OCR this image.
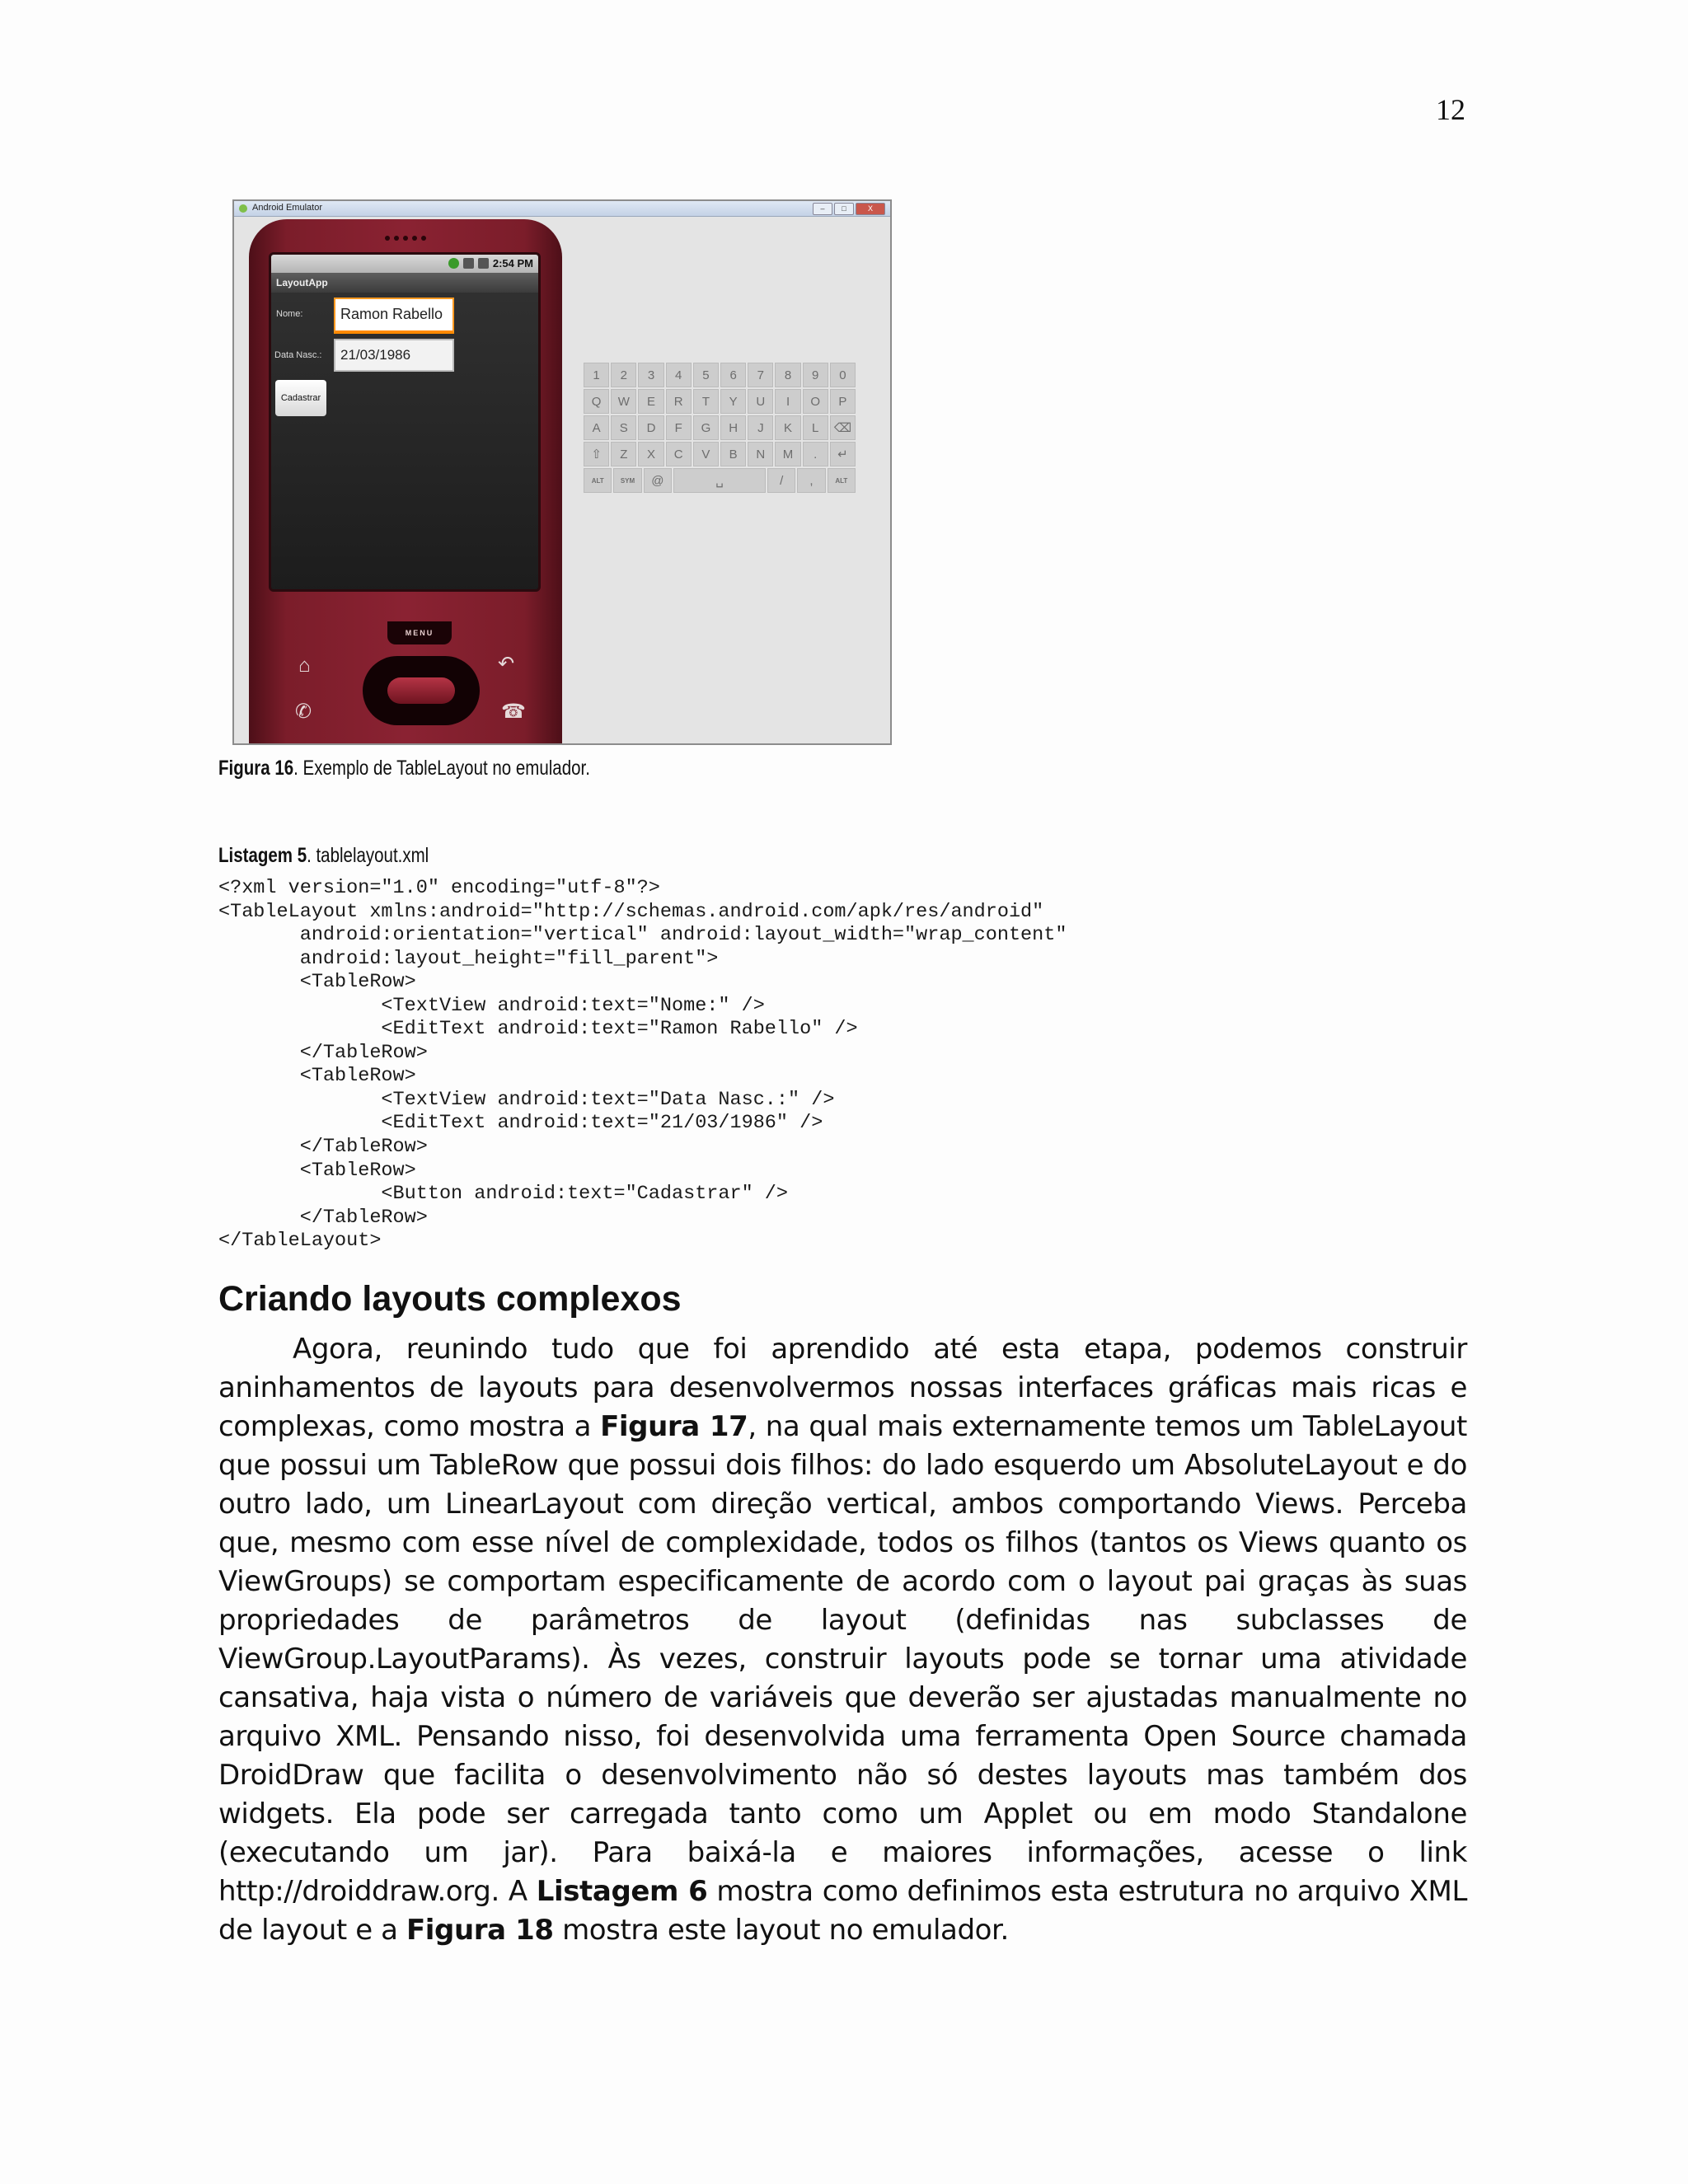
12
Android Emulator	–	□	X
2:54 PM
LayoutApp
Nome:	Ramon Rabello
Data Nasc.:	21/03/1986
Cadastrar
MENU
⌂	↶
✆	☎
1	2	3	4	5	6	7	8	9	0
Q	W	E	R	T	Y	U	I	O	P
A	S	D	F	G	H	J	K	L	⌫
⇧	Z	X	C	V	B	N	M	.	↵
ALT	SYM	@	␣	/	,	ALT
Figura 16. Exemplo de TableLayout no emulador.
Listagem 5. tablelayout.xml
<?xml version="1.0" encoding="utf-8"?>
<TableLayout xmlns:android="http://schemas.android.com/apk/res/android"
android:orientation="vertical" android:layout_width="wrap_content"
android:layout_height="fill_parent">
<TableRow>
<TextView android:text="Nome:" />
<EditText android:text="Ramon Rabello" />
</TableRow>
<TableRow>
<TextView android:text="Data Nasc.:" />
<EditText android:text="21/03/1986" />
</TableRow>
<TableRow>
<Button android:text="Cadastrar" />
</TableRow>
</TableLayout>
Criando layouts complexos

Agora, reunindo tudo que foi aprendido até esta etapa, podemos construir aninhamentos de layouts para desenvolvermos nossas interfaces gráficas mais ricas e complexas, como mostra a Figura 17, na qual mais externamente temos um TableLayout que possui um TableRow que possui dois filhos: do lado esquerdo um AbsoluteLayout e do outro lado, um LinearLayout com direção vertical, ambos comportando Views. Perceba que, mesmo com esse nível de complexidade, todos os filhos (tantos os Views quanto os ViewGroups) se comportam especificamente de acordo com o layout pai graças às suas propriedades de parâmetros de layout (definidas nas subclasses de ViewGroup.LayoutParams). Às vezes, construir layouts pode se tornar uma atividade cansativa, haja vista o número de variáveis que deverão ser ajustadas manualmente no arquivo XML. Pensando nisso, foi desenvolvida uma ferramenta Open Source chamada DroidDraw que facilita o desenvolvimento não só destes layouts mas também dos widgets. Ela pode ser carregada tanto como um Applet ou em modo Standalone (executando um jar). Para baixá-la e maiores informações, acesse o link http://droiddraw.org. A Listagem 6 mostra como definimos esta estrutura no arquivo XML de layout e a Figura 18 mostra este layout no emulador.
